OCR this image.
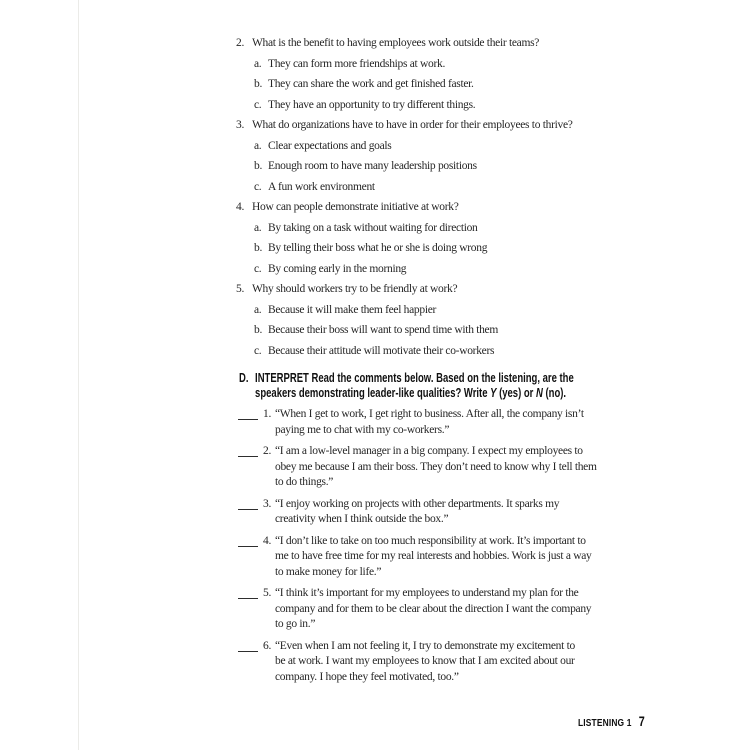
2. What is the benefit to having employees work outside their teams?
a. They can form more friendships at work.
b. They can share the work and get finished faster.
c. They have an opportunity to try different things.
3. What do organizations have to have in order for their employees to thrive?
a. Clear expectations and goals
b. Enough room to have many leadership positions
c. A fun work environment
4. How can people demonstrate initiative at work?
a. By taking on a task without waiting for direction
b. By telling their boss what he or she is doing wrong
c. By coming early in the morning
5. Why should workers try to be friendly at work?
a. Because it will make them feel happier
b. Because their boss will want to spend time with them
c. Because their attitude will motivate their co-workers
D. INTERPRET Read the comments below. Based on the listening, are the
speakers demonstrating leader-like qualities? Write Y (yes) or N (no).
1. “When I get to work, I get right to business. After all, the company isn’t
paying me to chat with my co-workers.”
2. “I am a low-level manager in a big company. I expect my employees to
obey me because I am their boss. They don’t need to know why I tell them
to do things.”
3. “I enjoy working on projects with other departments. It sparks my
creativity when I think outside the box.”
4. “I don’t like to take on too much responsibility at work. It’s important to
me to have free time for my real interests and hobbies. Work is just a way
to make money for life.”
5. “I think it’s important for my employees to understand my plan for the
company and for them to be clear about the direction I want the company
to go in.”
6. “Even when I am not feeling it, I try to demonstrate my excitement to
be at work. I want my employees to know that I am excited about our
company. I hope they feel motivated, too.”
LISTENING 1 7
